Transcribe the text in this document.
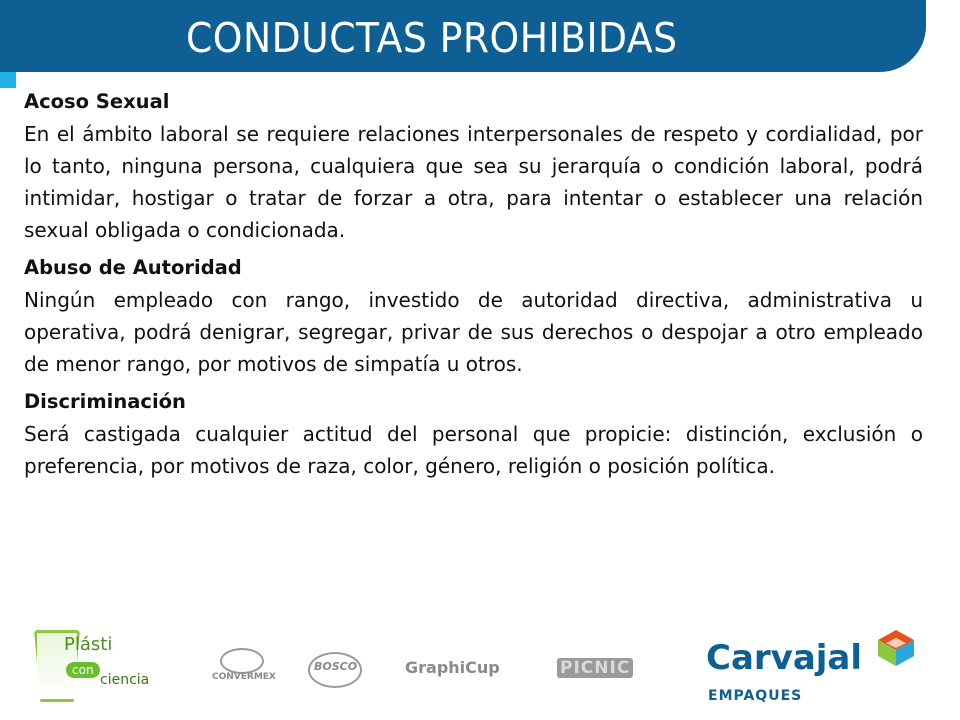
CONDUCTAS PROHIBIDAS

Acoso Sexual

En el ámbito laboral se requiere relaciones interpersonales de respeto y cordialidad, por lo tanto, ninguna persona, cualquiera que sea su jerarquía o condición laboral, podrá intimidar, hostigar o tratar de forzar a otra, para intentar o establecer una relación sexual obligada o condicionada.

Abuso de Autoridad

Ningún empleado con rango, investido de autoridad directiva, administrativa u operativa, podrá denigrar, segregar, privar de sus derechos o despojar a otro empleado de menor rango, por motivos de simpatía u otros.

Discriminación

Será castigada cualquier actitud del personal que propicie: distinción, exclusión o preferencia, por motivos de raza, color, género, religión o posición política.

Plásti
con
ciencia	CONVERMEX
BOSCO	GraphiCup	PICNIC Carvajal
EMPAQUES
